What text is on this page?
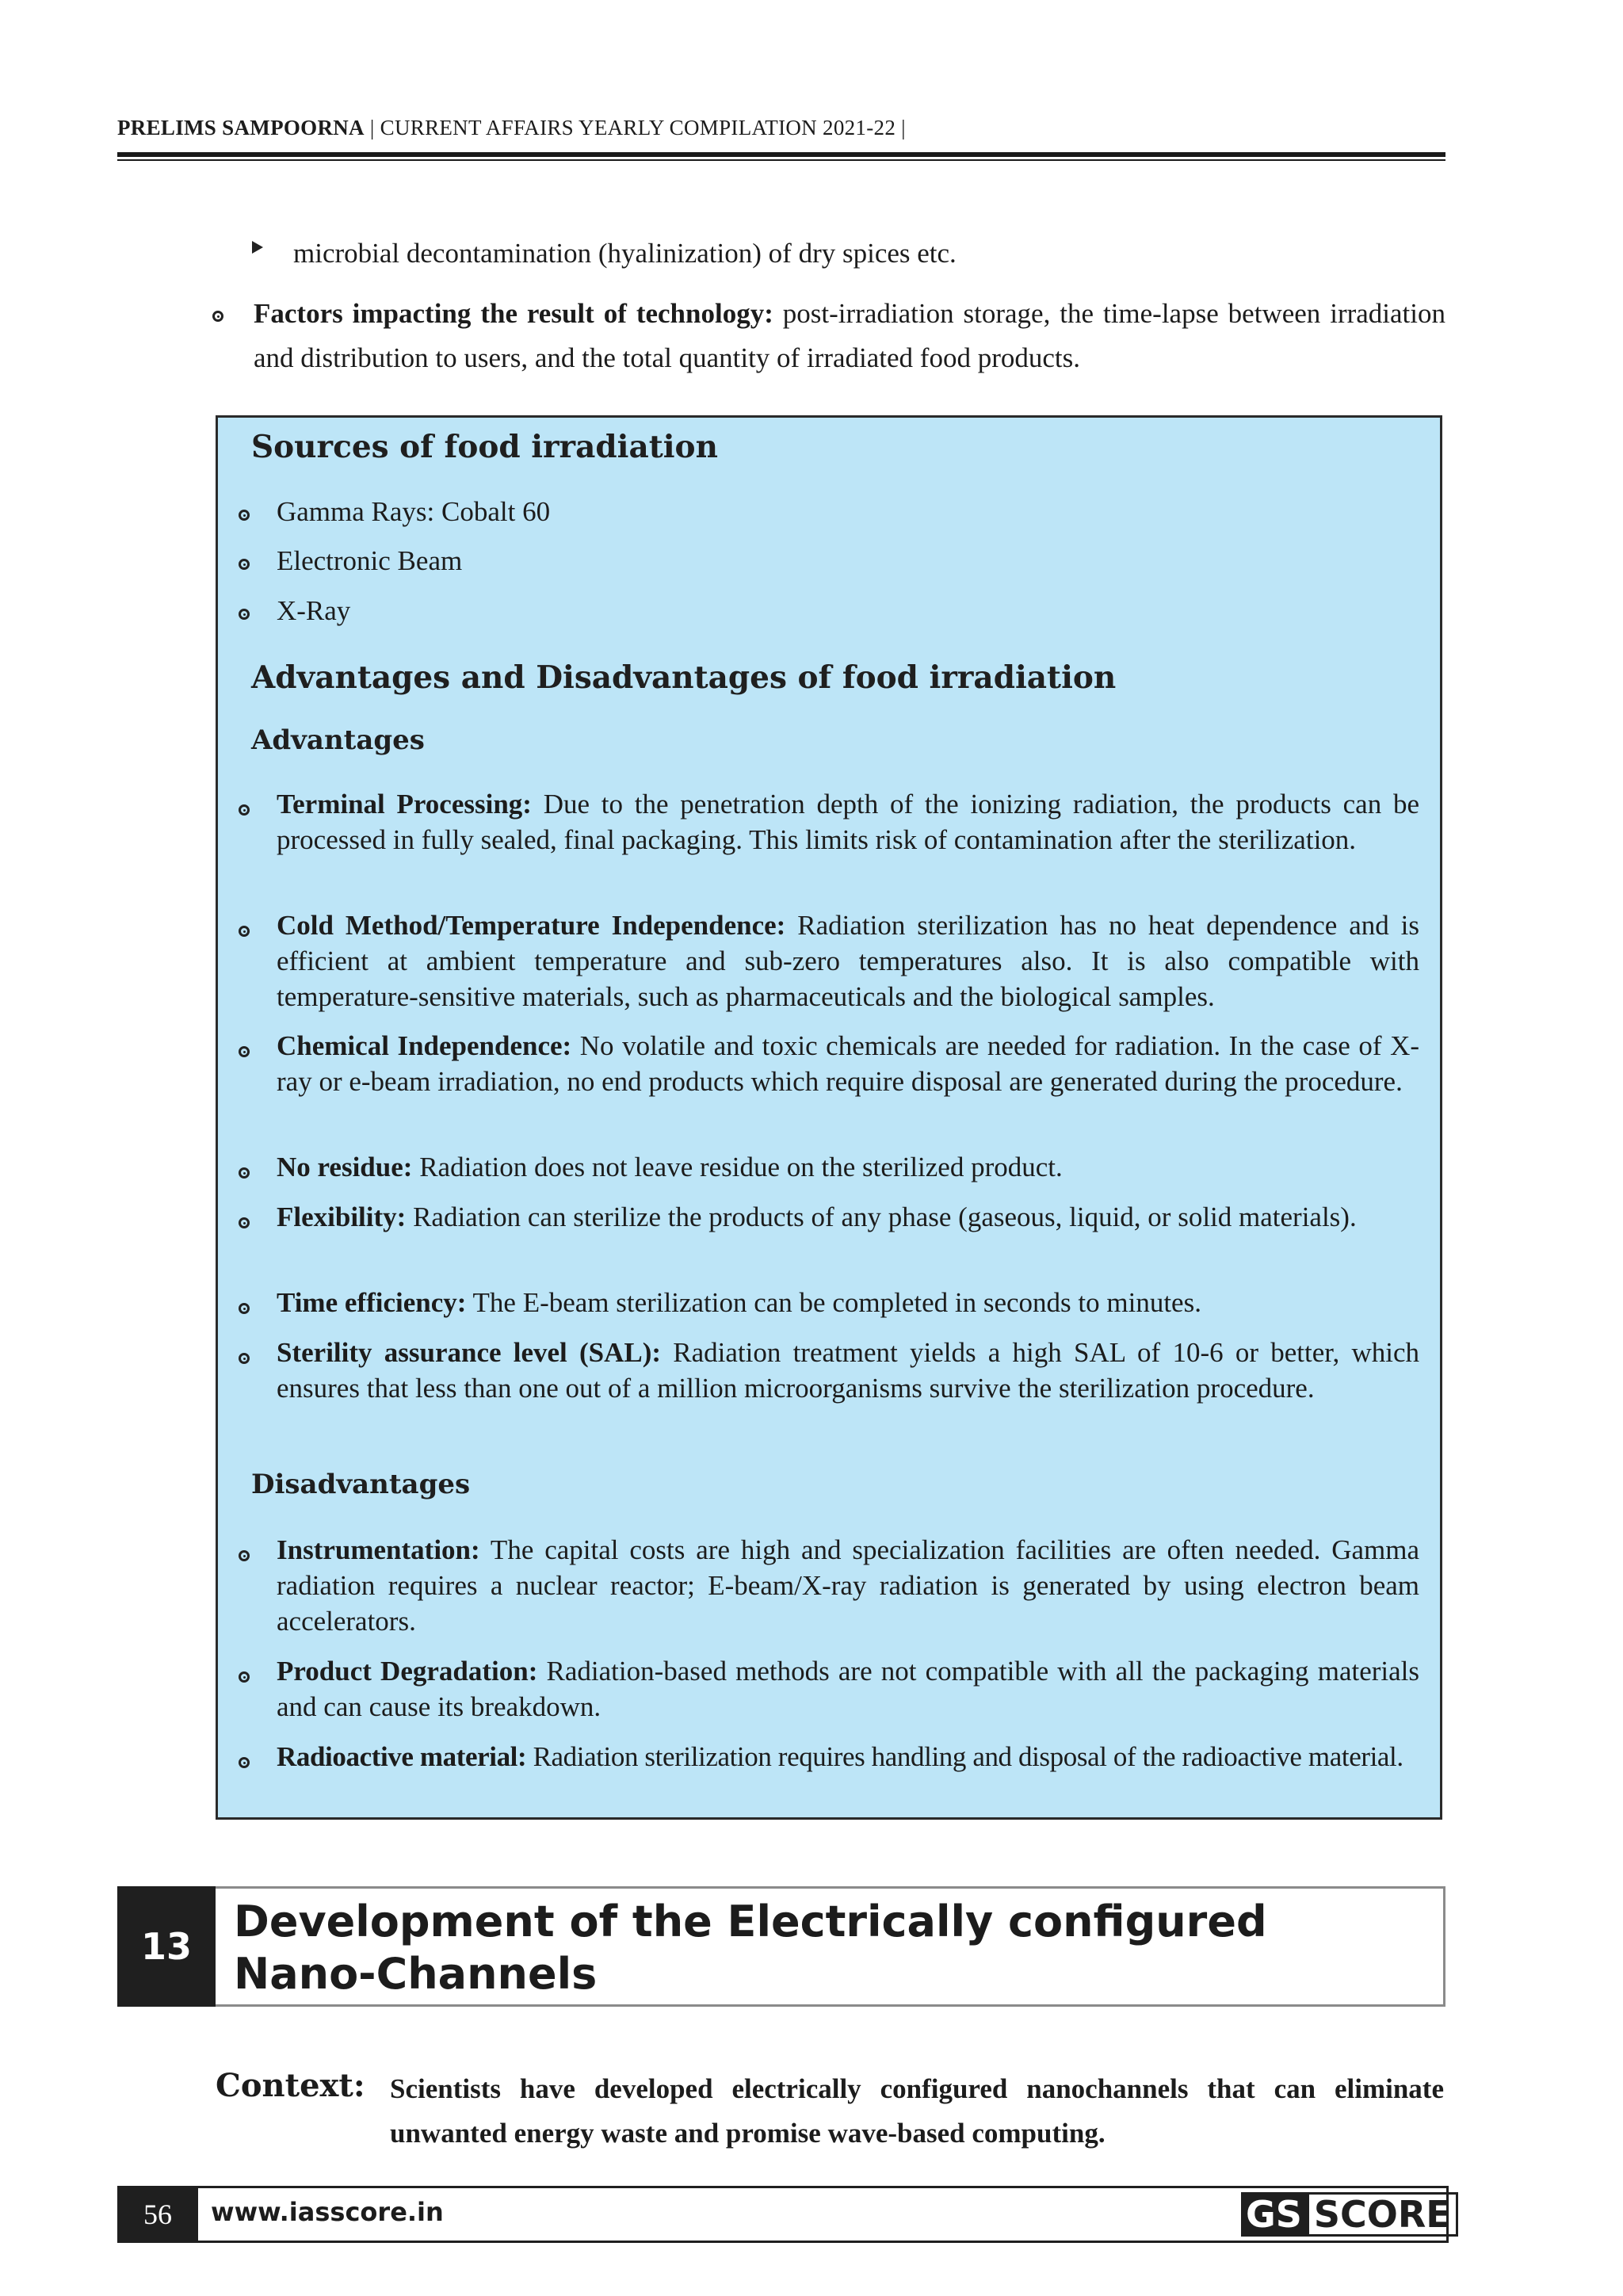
PRELIMS SAMPOORNA | CURRENT AFFAIRS YEARLY COMPILATION 2021-22 |
microbial decontamination (hyalinization) of dry spices etc.
Factors impacting the result of technology: post-irradiation storage, the time-lapse between irradiation and distribution to users, and the total quantity of irradiated food products.
Sources of food irradiation
Gamma Rays: Cobalt 60
Electronic Beam
X-Ray
Advantages and Disadvantages of food irradiation
Advantages
Terminal Processing: Due to the penetration depth of the ionizing radiation, the products can be processed in fully sealed, final packaging. This limits risk of contamination after the sterilization.
Cold Method/Temperature Independence: Radiation sterilization has no heat dependence and is efficient at ambient temperature and sub-zero temperatures also. It is also compatible with temperature-sensitive materials, such as pharmaceuticals and the biological samples.
Chemical Independence: No volatile and toxic chemicals are needed for radiation. In the case of X-ray or e-beam irradiation, no end products which require disposal are generated during the procedure.
No residue: Radiation does not leave residue on the sterilized product.
Flexibility: Radiation can sterilize the products of any phase (gaseous, liquid, or solid materials).
Time efficiency: The E-beam sterilization can be completed in seconds to minutes.
Sterility assurance level (SAL): Radiation treatment yields a high SAL of 10-6 or better, which ensures that less than one out of a million microorganisms survive the sterilization procedure.
Disadvantages
Instrumentation: The capital costs are high and specialization facilities are often needed. Gamma radiation requires a nuclear reactor; E-beam/X-ray radiation is generated by using electron beam accelerators.
Product Degradation: Radiation-based methods are not compatible with all the packaging materials and can cause its breakdown.
Radioactive material: Radiation sterilization requires handling and disposal of the radioactive material.
13 Development of the Electrically configured Nano-Channels
Context: Scientists have developed electrically configured nanochannels that can eliminate unwanted energy waste and promise wave-based computing.
56	www.iasscore.in	GS SCORE
